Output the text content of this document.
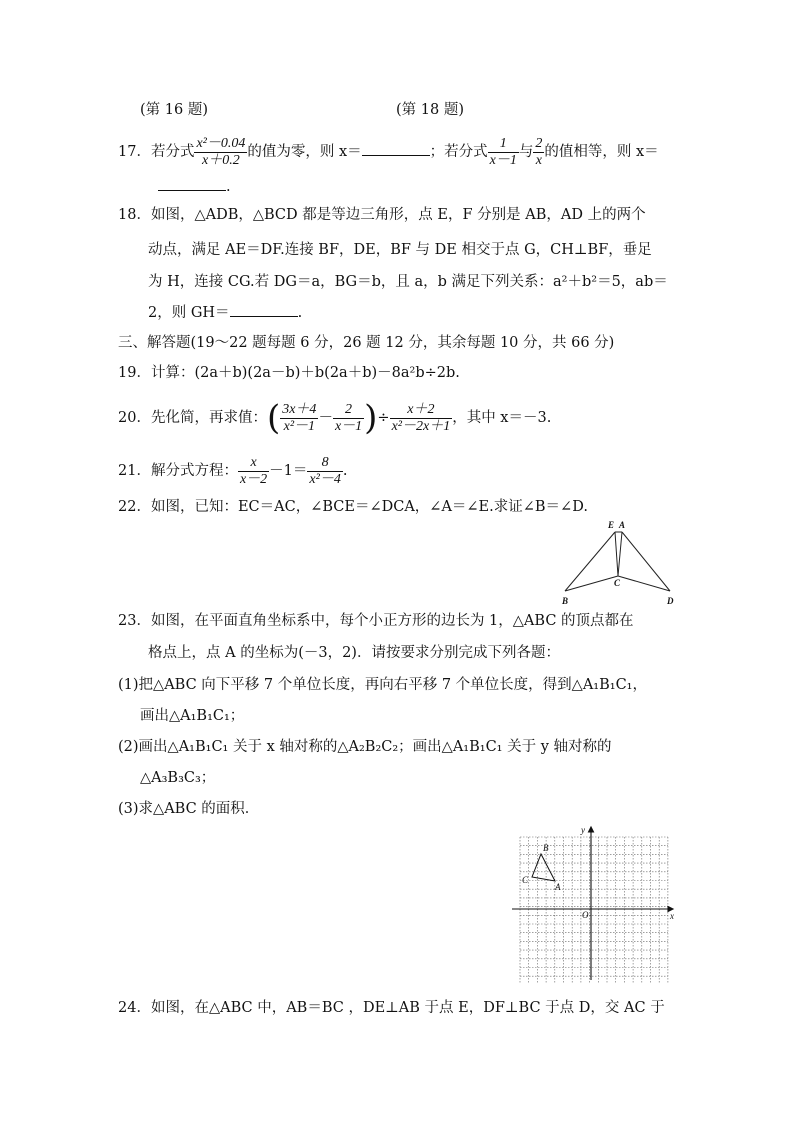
(第 16 题)	(第 18 题)
17．若分式 $\frac{\text{x²－0.04}}{x+0.2}$ 的值为零，则 x＝	；若分式 $\frac{1}{x-1}$ 与 $\frac{2}{x}$ 的值相等，则 x＝
.
18．如图，△ADB，△BCD 都是等边三角形，点 E，F 分别是 AB，AD 上的两个
动点，满足 AE＝DF.连接 BF，DE，BF 与 DE 相交于点 G，CH⊥BF，垂足
为 H，连接 CG.若 DG＝a，BG＝b，且 a，b 满足下列关系：a²＋b²＝5，ab＝
2，则 GH＝	.
三、解答题(19～22 题每题 6 分，26 题 12 分，其余每题 10 分，共 66 分)
19．计算：(2a＋b)(2a－b)＋b(2a＋b)－8a²b÷2b.
20．先化简，再求值：( $\frac{3x+4}{\text{x²－1}} - \frac{2}{x-1}$ )÷ $\frac{x+2}{\text{x²－2x＋1}}$ ，其中 x＝－3.
21．解分式方程： $\frac{x}{x-2} -1= \frac{8}{\text{x²－4}}$ .
22．如图，已知：EC＝AC，∠BCE＝∠DCA，∠A＝∠E.求证∠B＝∠D.
E A
C
B	D
23．如图，在平面直角坐标系中，每个小正方形的边长为 1，△ABC 的顶点都在
格点上，点 A 的坐标为(－3，2)．请按要求分别完成下列各题：
(1)把△ABC 向下平移 7 个单位长度，再向右平移 7 个单位长度，得到△A₁B₁C₁，
画出△A₁B₁C₁；
(2)画出△A₁B₁C₁ 关于 x 轴对称的△A₂B₂C₂；画出△A₁B₁C₁ 关于 y 轴对称的
△A₃B₃C₃；
(3)求△ABC 的面积．
x
y
O
A
B
C
24．如图，在△ABC 中，AB＝BC ，DE⊥AB 于点 E，DF⊥BC 于点 D，交 AC 于
